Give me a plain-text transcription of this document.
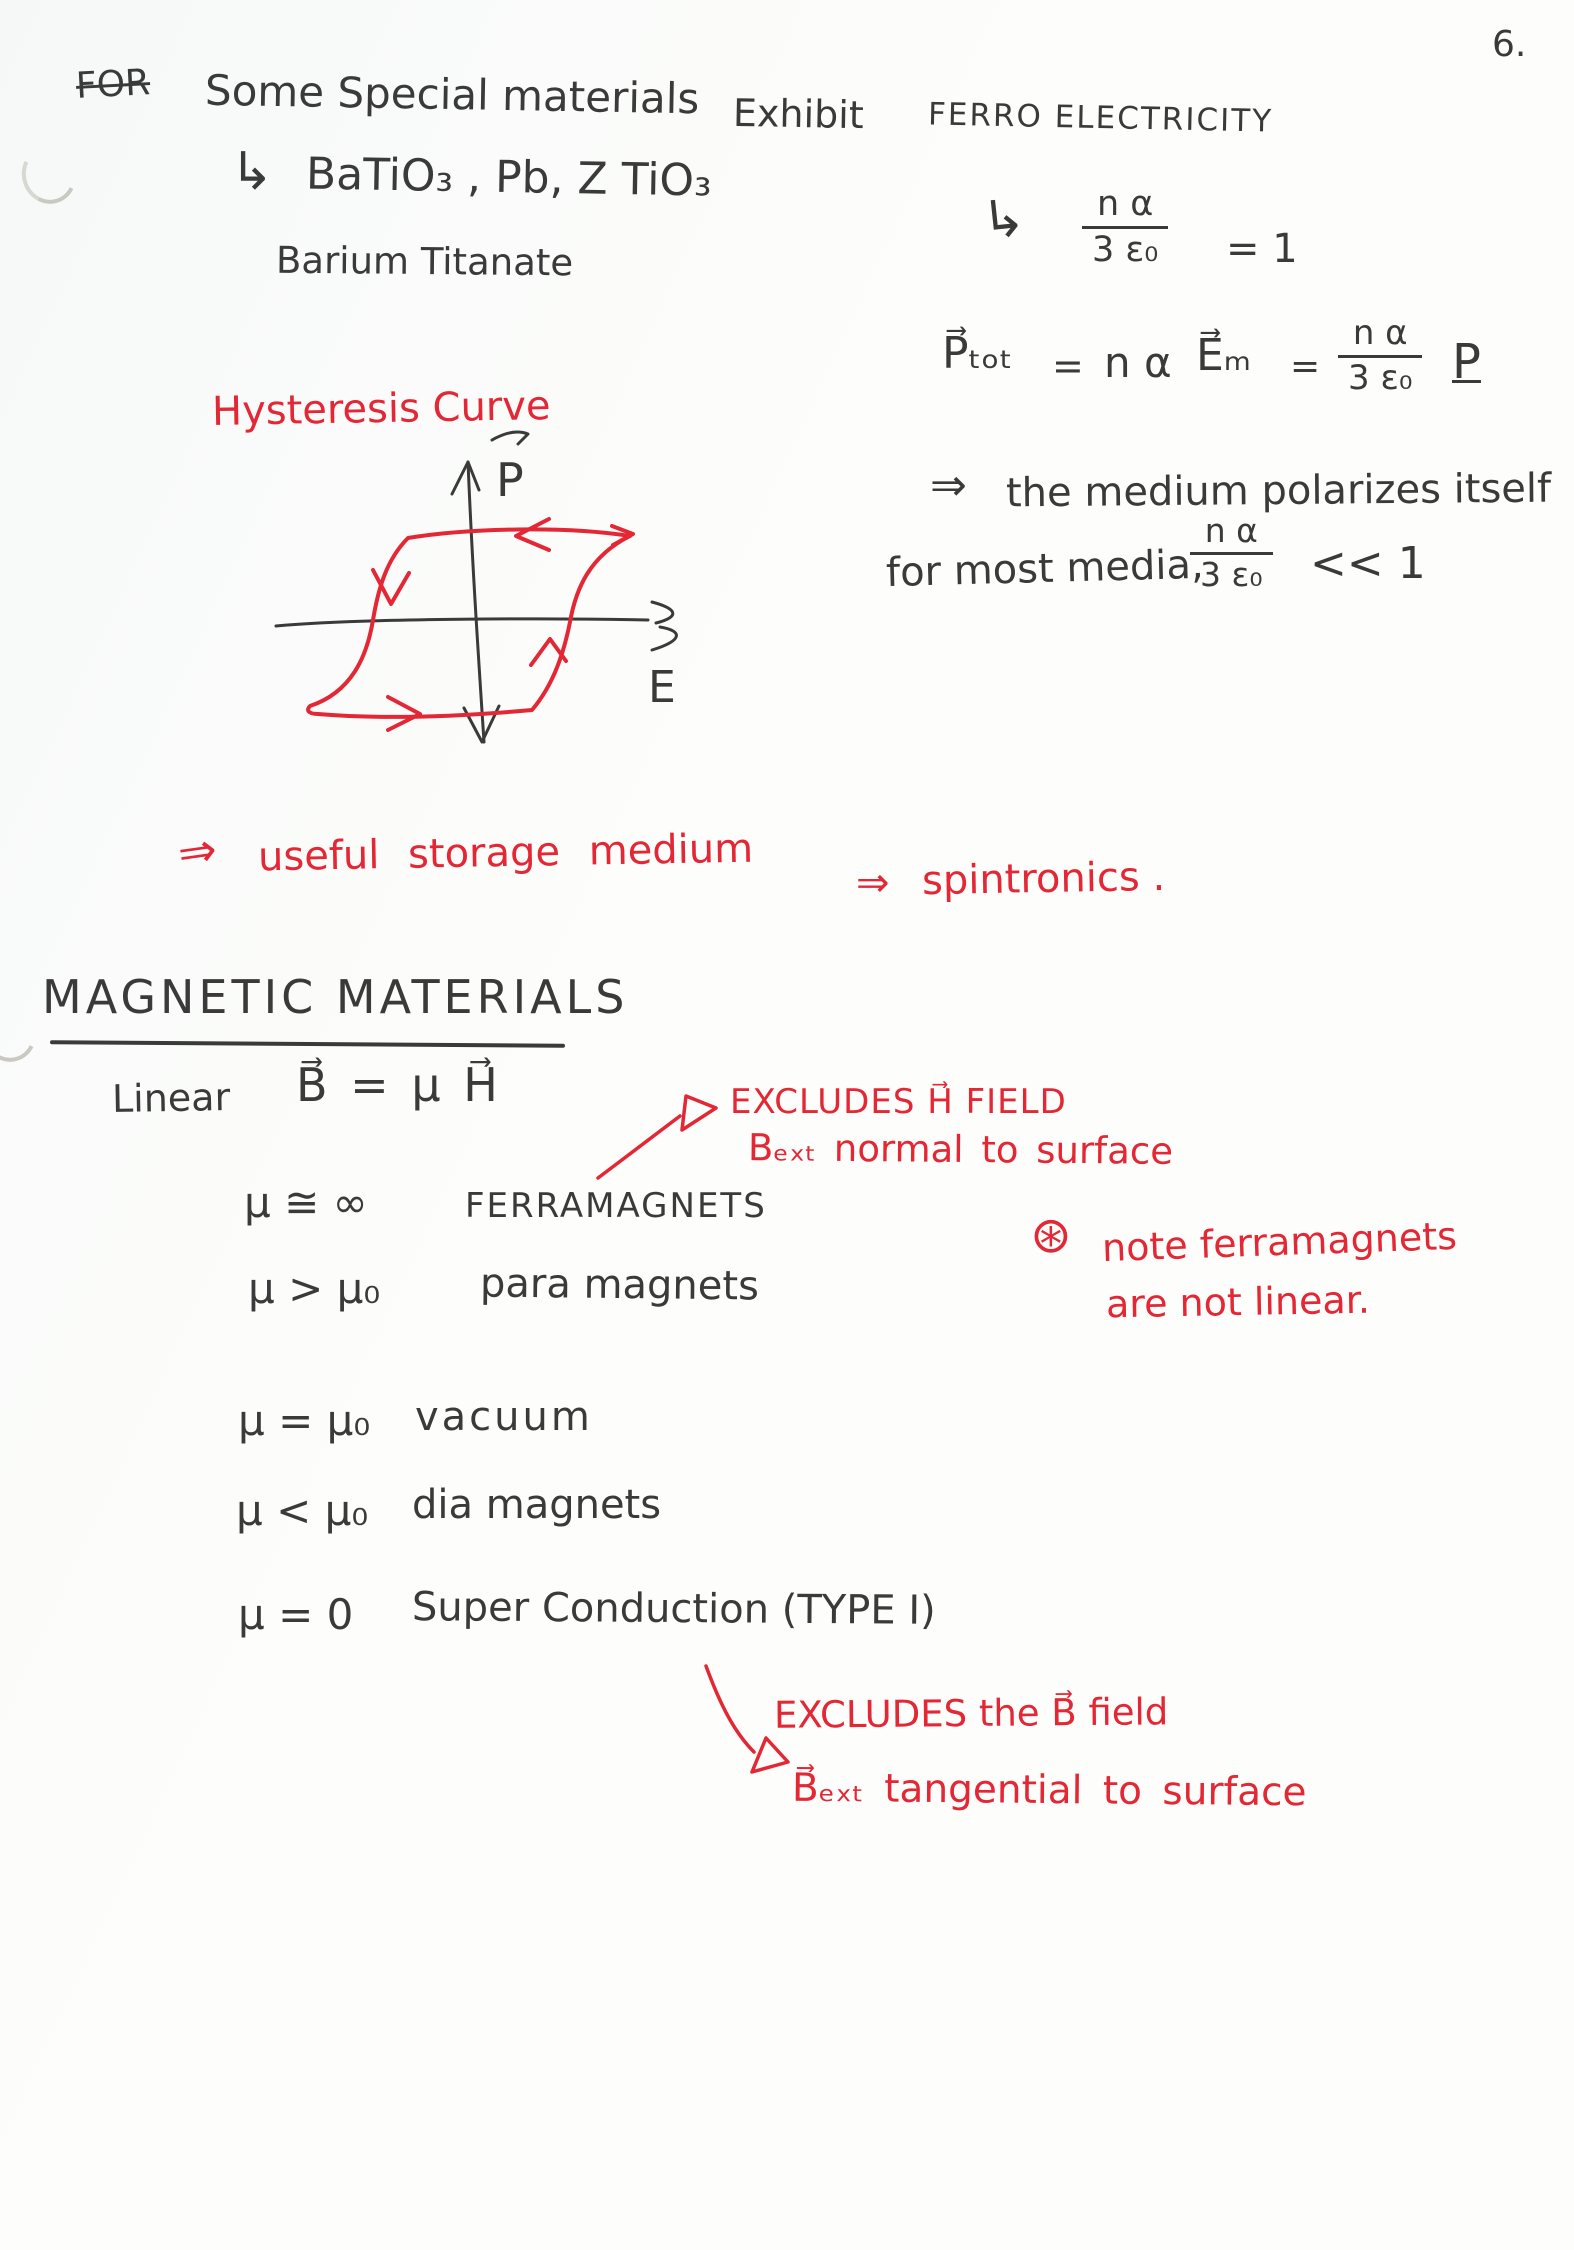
6.
FOR Some Special materials Exhibit FERRO ELECTRICITY
↳ BaTiO₃ , Pb, Z TiO₃
Barium Titanate
↳ $\frac{\text{n α}}{\text{3 ε₀}} = 1$
P⃗ₜₒₜ = n α E⃗ₘ = $\frac{\text{n α}}{\text{3 ε₀}}$ P
⇒ the medium polarizes itself
for most media,
$\frac{\text{n α}}{\text{3 ε₀}} << 1$
Hysteresis Curve
P
E
⇒ useful storage medium
⇒ spintronics .
MAGNETIC MATERIALS
Linear B⃗ = μ H⃗	EXCLUDES H⃗ FIELD
Bₑₓₜ normal to surface
μ ≅ ∞	FERRAMAGNETS
μ > μ₀ para magnets
⊛ note ferramagnets
are not linear.
μ = μ₀ vacuum
μ < μ₀ dia magnets
μ = 0 Super Conduction (TYPE I)
EXCLUDES the B⃗ field
B⃗ₑₓₜ tangential to surface
